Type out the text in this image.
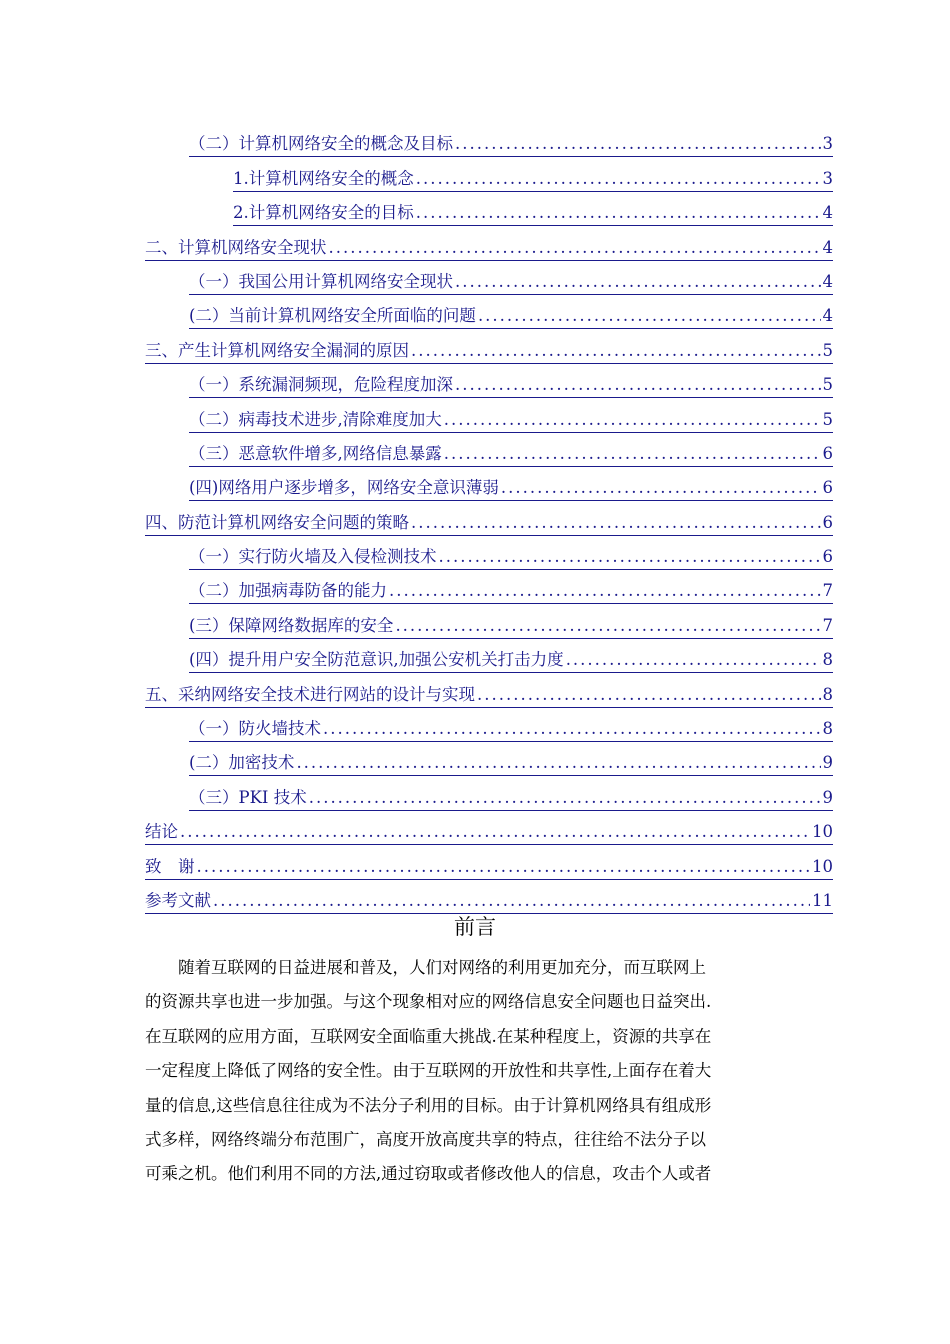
（二）计算机网络安全的概念及目标 .....	3
1.计算机网络安全的概念 .....	3
2.计算机网络安全的目标 .....	4
二、计算机网络安全现状 .....	4
（一）我国公用计算机网络安全现状 .....	4
(二）当前计算机网络安全所面临的问题 .....	4
三、产生计算机网络安全漏洞的原因 .....	5
（一）系统漏洞频现，危险程度加深 .....	5
（二）病毒技术进步,清除难度加大 .....	5
（三）恶意软件增多,网络信息暴露 .....	6
(四)网络用户逐步增多，网络安全意识薄弱 .....	6
四、防范计算机网络安全问题的策略 .....	6
（一）实行防火墙及入侵检测技术 .....	6
（二）加强病毒防备的能力 .....	7
(三）保障网络数据库的安全 .....	7
(四）提升用户安全防范意识,加强公安机关打击力度 .....	8
五、采纳网络安全技术进行网站的设计与实现 .....	8
（一）防火墙技术 .....	8
(二）加密技术 .....	9
（三）PKI 技术 .....	9
结论 .....	10
致　谢 .....	10
参考文献 .....	11
前言
随着互联网的日益进展和普及，人们对网络的利用更加充分，而互联网上
的资源共享也进一步加强。与这个现象相对应的网络信息安全问题也日益突出.
在互联网的应用方面，互联网安全面临重大挑战.在某种程度上，资源的共享在
一定程度上降低了网络的安全性。由于互联网的开放性和共享性,上面存在着大
量的信息,这些信息往往成为不法分子利用的目标。由于计算机网络具有组成形
式多样，网络终端分布范围广，高度开放高度共享的特点，往往给不法分子以
可乘之机。他们利用不同的方法,通过窃取或者修改他人的信息，攻击个人或者
